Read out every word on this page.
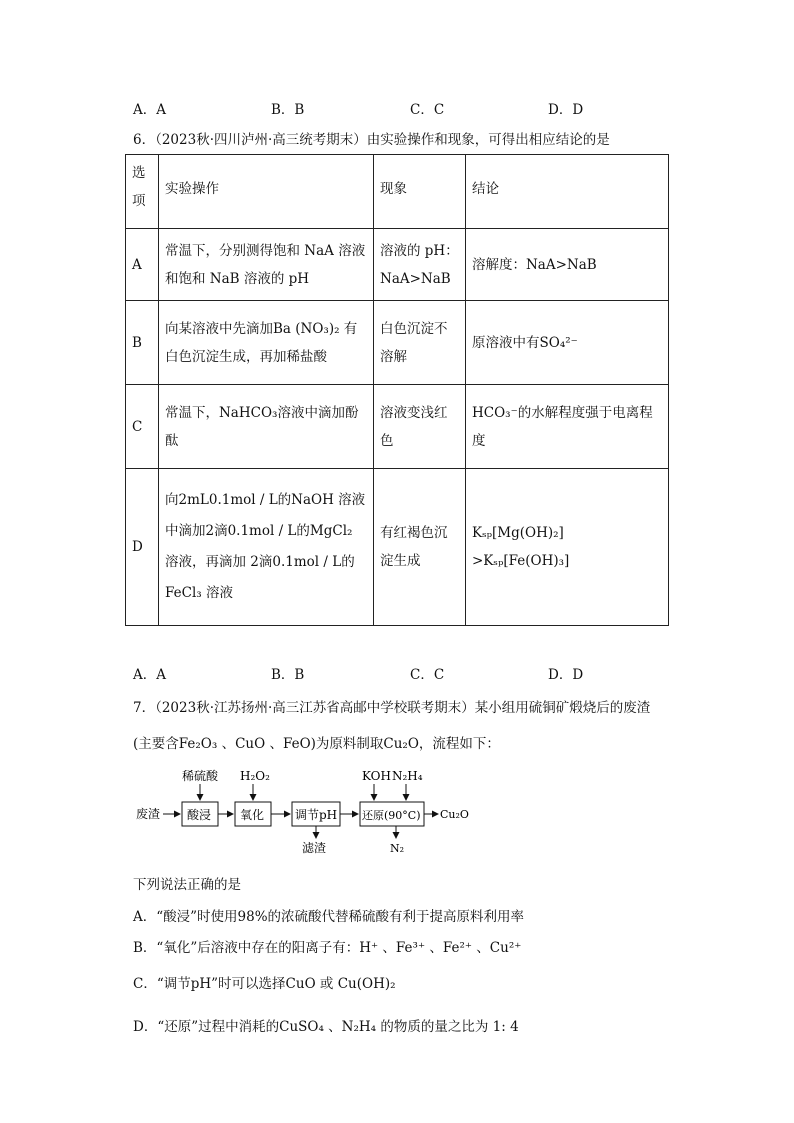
A．A	B．B	C．C	D．D
6．（2023秋·四川泸州·高三统考期末）由实验操作和现象，可得出相应结论的是
选项	实验操作	现象	结论
A	常温下，分别测得饱和 NaA 溶液和饱和 NaB 溶液的 pH	溶液的 pH：NaA>NaB	溶解度：NaA>NaB
B	向某溶液中先滴加Ba (NO₃)₂ 有白色沉淀生成，再加稀盐酸	白色沉淀不溶解	原溶液中有SO₄²⁻
C	常温下，NaHCO₃溶液中滴加酚酞	溶液变浅红色	HCO₃⁻的水解程度强于电离程度
D	向2mL0.1mol / L的NaOH 溶液中滴加2滴0.1mol / L的MgCl₂ 溶液，再滴加 2滴0.1mol / L的FeCl₃ 溶液	有红褐色沉淀生成	Kₛₚ[Mg(OH)₂] >Kₛₚ[Fe(OH)₃]
A．A	B．B	C．C	D．D
7．（2023秋·江苏扬州·高三江苏省高邮中学校联考期末）某小组用硫铜矿煅烧后的废渣
(主要含Fe₂O₃ 、CuO 、FeO)为原料制取Cu₂O，流程如下：
废渣 酸浸 氧化	调节pH 还原(90°C) Cu₂O
稀硫酸 H₂O₂	KOH N₂H₄
滤渣	N₂
下列说法正确的是
A．“酸浸”时使用98%的浓硫酸代替稀硫酸有利于提高原料利用率
B．“氧化”后溶液中存在的阳离子有：H⁺ 、Fe³⁺ 、Fe²⁺ 、Cu²⁺
C．“调节pH”时可以选择CuO 或 Cu(OH)₂
D．“还原”过程中消耗的CuSO₄ 、N₂H₄ 的物质的量之比为 1: 4
